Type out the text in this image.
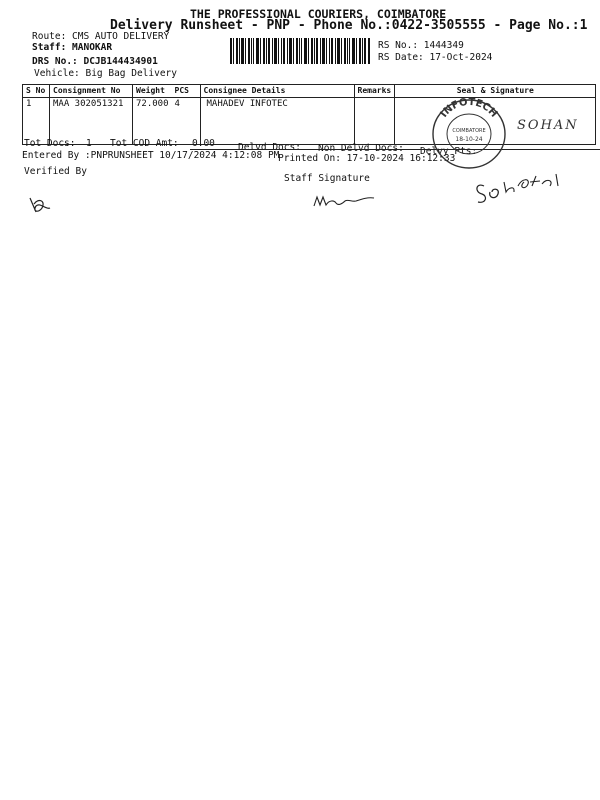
THE PROFESSIONAL COURIERS, COIMBATORE
Delivery Runsheet - PNP - Phone No.:0422-3505555 - Page No.:1
Route: CMS AUTO DELIVERY
Staff: MANOKAR
DRS No.: DCJB144434901
Vehicle: Big Bag Delivery
RS No.: 1444349
RS Date: 17-Oct-2024
S No	Consignment No	Weight	PCS	Consignee Details	Remarks	Seal & Signature
1	MAA 302051321	72.000	4	MAHADEV INFOTEC		
Tot Docs: 1 Tot COD Amt: 0.00 Delvd Docs: Non Delvd Docs: Delvy Pts:
Entered By :PNPRUNSHEET 10/17/2024 4:12:08 PM
Printed On: 17-10-2024 16:12:33
Verified By
Staff Signature
INFOTECH
COIMBATORE
18-10-24
SOHAN
